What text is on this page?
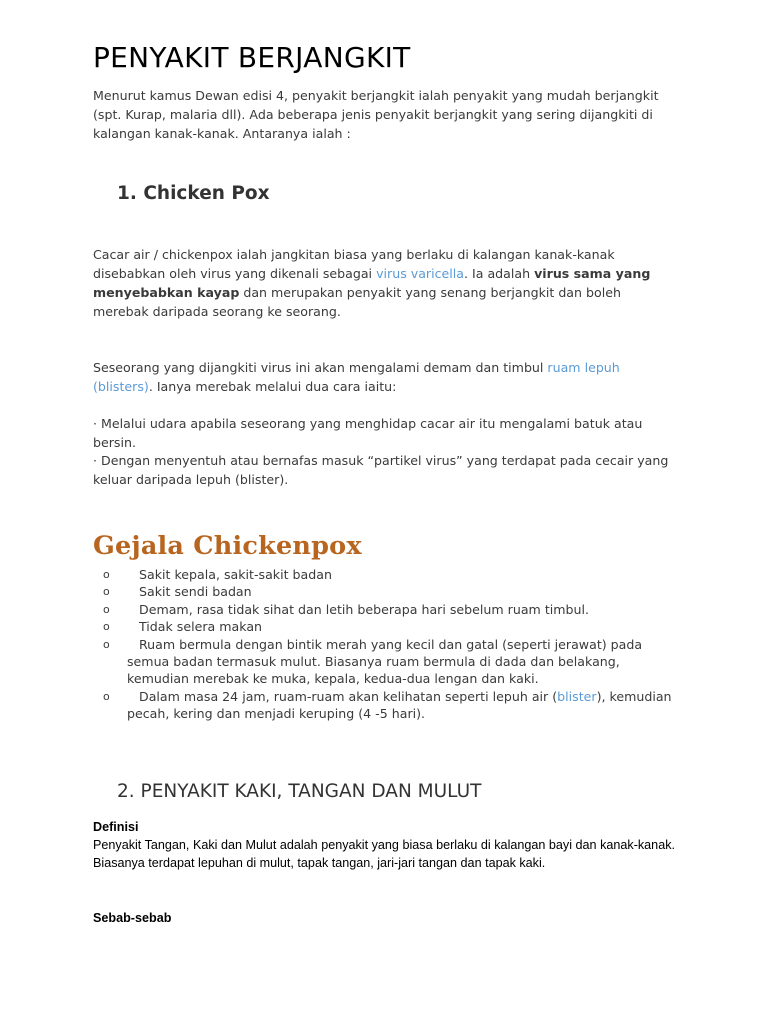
PENYAKIT BERJANGKIT
Menurut kamus Dewan edisi 4, penyakit berjangkit ialah penyakit yang mudah berjangkit (spt. Kurap, malaria dll). Ada beberapa jenis penyakit berjangkit yang sering dijangkiti di kalangan kanak-kanak. Antaranya ialah :
1. Chicken Pox
Cacar air / chickenpox ialah jangkitan biasa yang berlaku di kalangan kanak-kanak disebabkan oleh virus yang dikenali sebagai virus varicella. Ia adalah virus sama yang menyebabkan kayap dan merupakan penyakit yang senang berjangkit dan boleh merebak daripada seorang ke seorang.
Seseorang yang dijangkiti virus ini akan mengalami demam dan timbul ruam lepuh (blisters). Ianya merebak melalui dua cara iaitu:
· Melalui udara apabila seseorang yang menghidap cacar air itu mengalami batuk atau bersin.
· Dengan menyentuh atau bernafas masuk “partikel virus” yang terdapat pada cecair yang keluar daripada lepuh (blister).
Gejala Chickenpox
o	Sakit kepala, sakit-sakit badan
o	Sakit sendi badan
o	Demam, rasa tidak sihat dan letih beberapa hari sebelum ruam timbul.
o	Tidak selera makan
o	Ruam bermula dengan bintik merah yang kecil dan gatal (seperti jerawat) pada semua badan termasuk mulut. Biasanya ruam bermula di dada dan belakang, kemudian merebak ke muka, kepala, kedua-dua lengan dan kaki.
o	Dalam masa 24 jam, ruam-ruam akan kelihatan seperti lepuh air (blister), kemudian pecah, kering dan menjadi keruping (4 -5 hari).
2. PENYAKIT KAKI, TANGAN DAN MULUT
Definisi
Penyakit Tangan, Kaki dan Mulut adalah penyakit yang biasa berlaku di kalangan bayi dan kanak-kanak. Biasanya terdapat lepuhan di mulut, tapak tangan, jari-jari tangan dan tapak kaki.
Sebab-sebab
